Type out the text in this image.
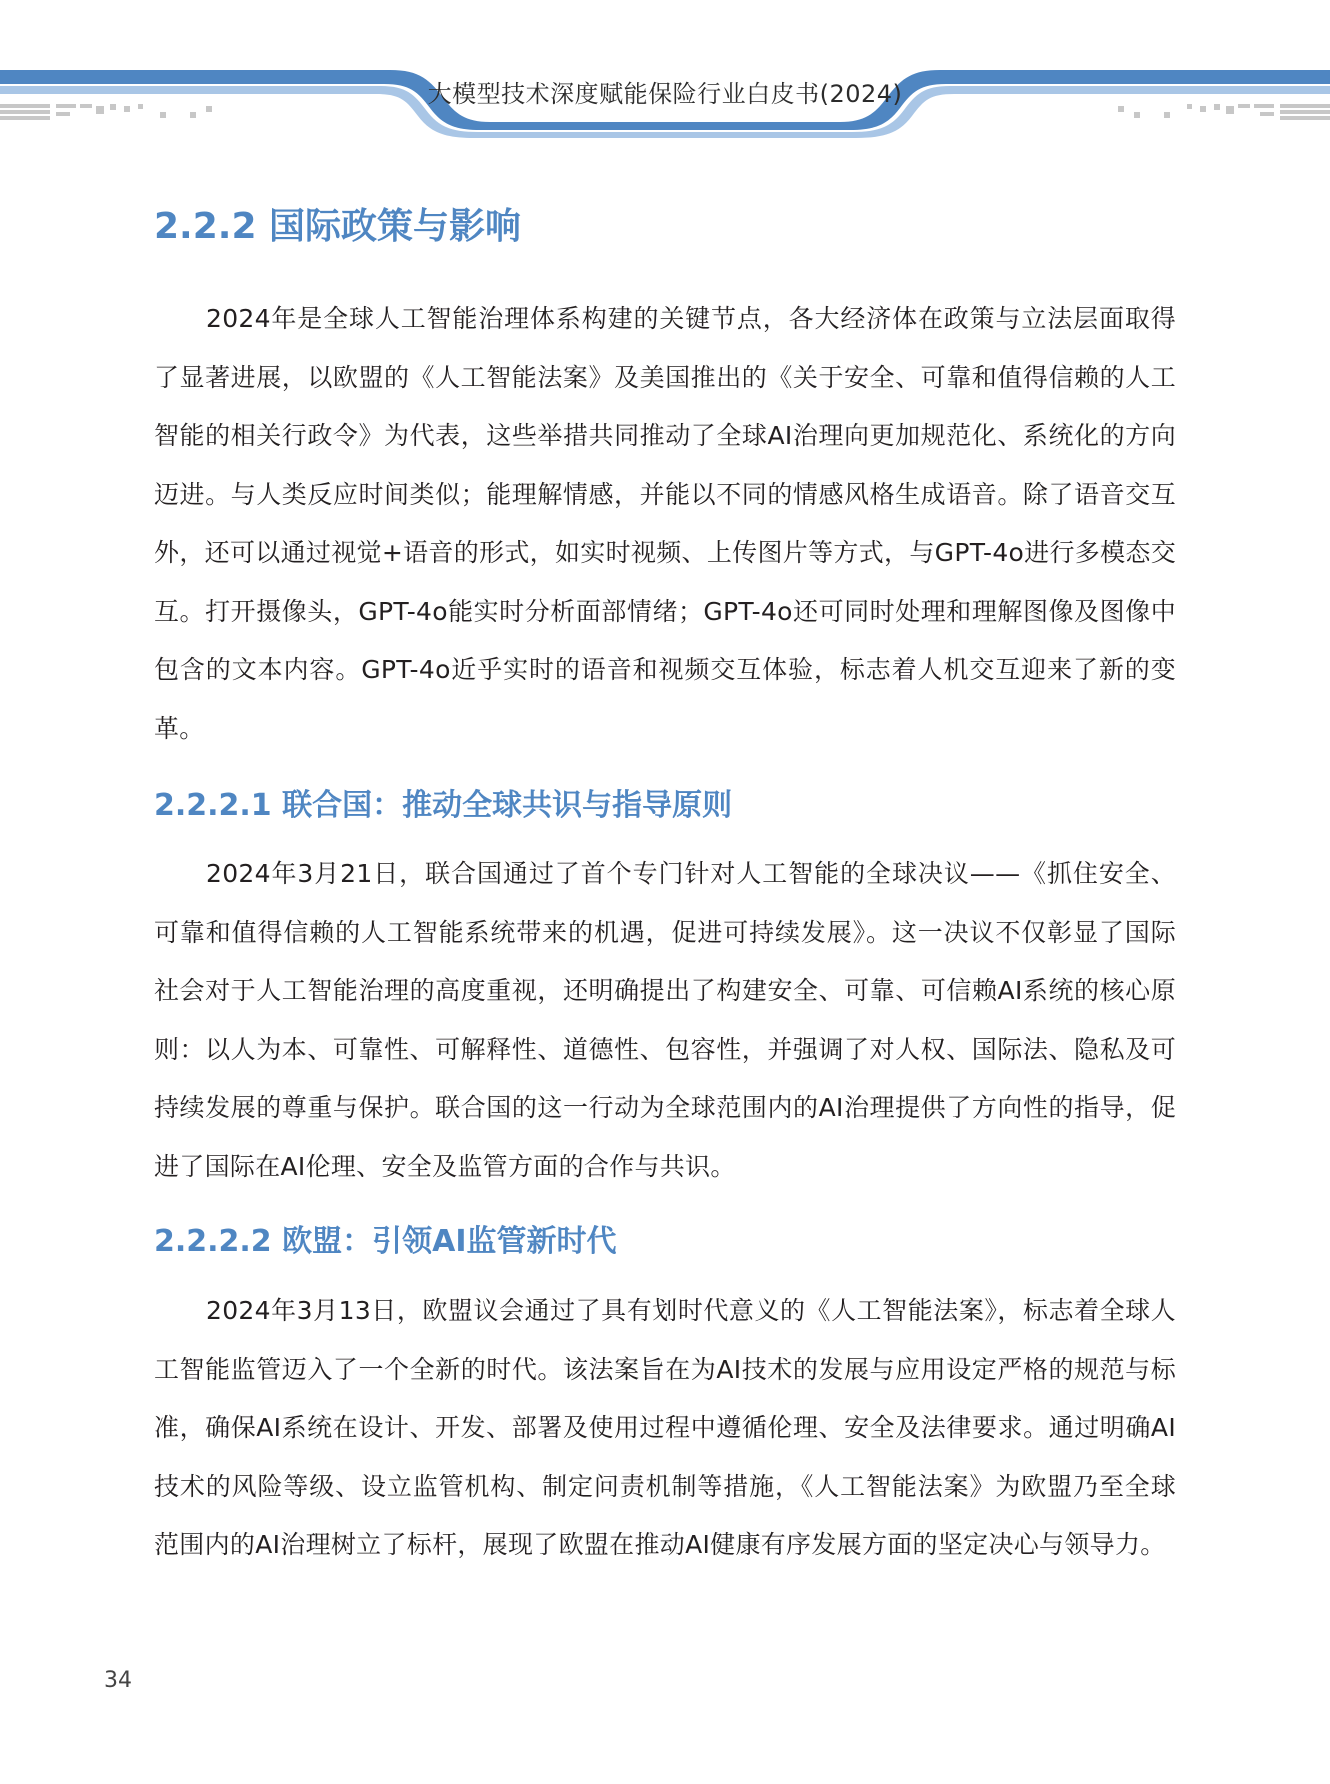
大模型技术深度赋能保险行业白皮书(2024)
2.2.2 国际政策与影响

2024年是全球人工智能治理体系构建的关键节点，各大经济体在政策与立法层面取得了显著进展，以欧盟的《人工智能法案》及美国推出的《关于安全、可靠和值得信赖的人工智能的相关行政令》为代表，这些举措共同推动了全球AI治理向更加规范化、系统化的方向迈进。与人类反应时间类似；能理解情感，并能以不同的情感风格生成语音。除了语音交互外，还可以通过视觉+语音的形式，如实时视频、上传图片等方式，与GPT-4o进行多模态交互。打开摄像头，GPT-4o能实时分析面部情绪；GPT-4o还可同时处理和理解图像及图像中包含的文本内容。GPT-4o近乎实时的语音和视频交互体验，标志着人机交互迎来了新的变革。

2.2.2.1 联合国：推动全球共识与指导原则

2024年3月21日，联合国通过了首个专门针对人工智能的全球决议——《抓住安全、可靠和值得信赖的人工智能系统带来的机遇，促进可持续发展》。这一决议不仅彰显了国际社会对于人工智能治理的高度重视，还明确提出了构建安全、可靠、可信赖AI系统的核心原则：以人为本、可靠性、可解释性、道德性、包容性，并强调了对人权、国际法、隐私及可持续发展的尊重与保护。联合国的这一行动为全球范围内的AI治理提供了方向性的指导，促进了国际在AI伦理、安全及监管方面的合作与共识。

2.2.2.2 欧盟：引领AI监管新时代

2024年3月13日，欧盟议会通过了具有划时代意义的《人工智能法案》，标志着全球人工智能监管迈入了一个全新的时代。该法案旨在为AI技术的发展与应用设定严格的规范与标准，确保AI系统在设计、开发、部署及使用过程中遵循伦理、安全及法律要求。通过明确AI技术的风险等级、设立监管机构、制定问责机制等措施，《人工智能法案》为欧盟乃至全球范围内的AI治理树立了标杆，展现了欧盟在推动AI健康有序发展方面的坚定决心与领导力。

34
